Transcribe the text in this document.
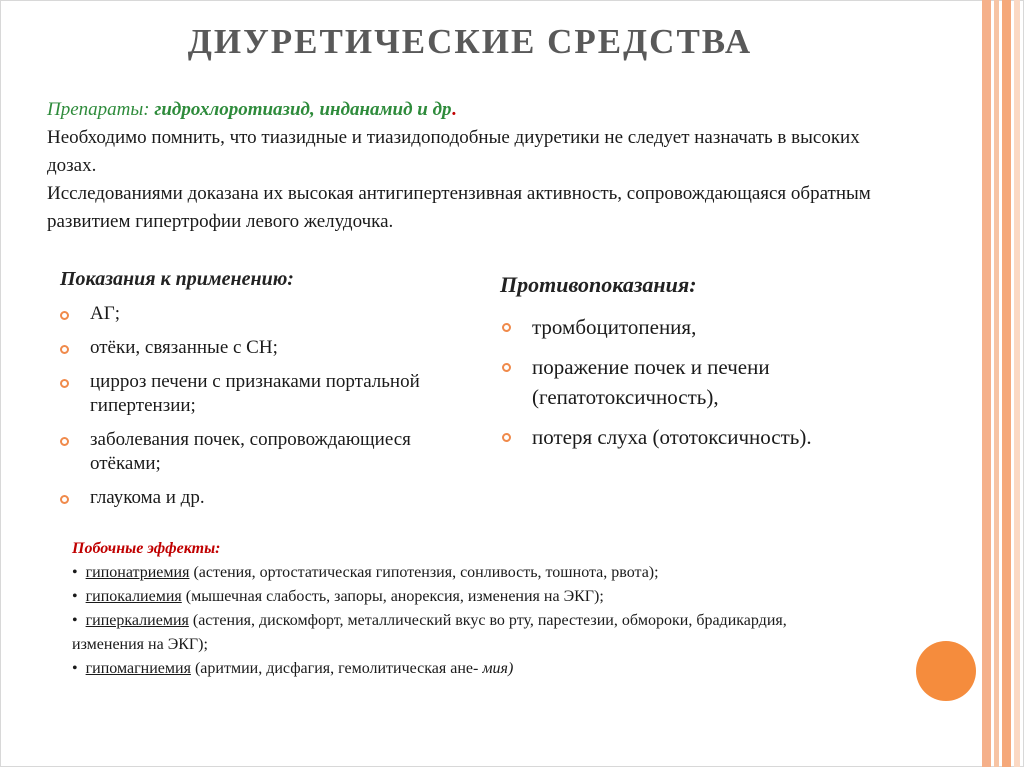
ДИУРЕТИЧЕСКИЕ СРЕДСТВА

Препараты: гидрохлоротиазид, инданамид и др.

Необходимо помнить, что тиазидные и тиазидоподобные диуретики не следует назначать в высоких дозах.

Исследованиями доказана их высокая антигипертензивная активность, сопровождающаяся обратным развитием гипертрофии левого желудочка.

Показания к применению:
АГ;
отёки, связанные с СН;
цирроз печени с признаками портальной гипертензии;
заболевания почек, сопровождающиеся отёками;
глаукома и др.
Противопоказания:
тромбоцитопения,
поражение почек и печени (гепатотоксичность),
потеря слуха (ототоксичность).
Побочные эффекты:
•  гипонатриемия (астения, ортостатическая гипотензия, сонливость, тошнота, рвота);
•  гипокалиемия (мышечная слабость, запоры, анорексия, изменения на ЭКГ);
•  гиперкалиемия (астения, дискомфорт, металлический вкус во рту, парестезии, обмороки, брадикардия, изменения на ЭКГ);
•  гипомагниемия (аритмии, дисфагия, гемолитическая ане- мия)
